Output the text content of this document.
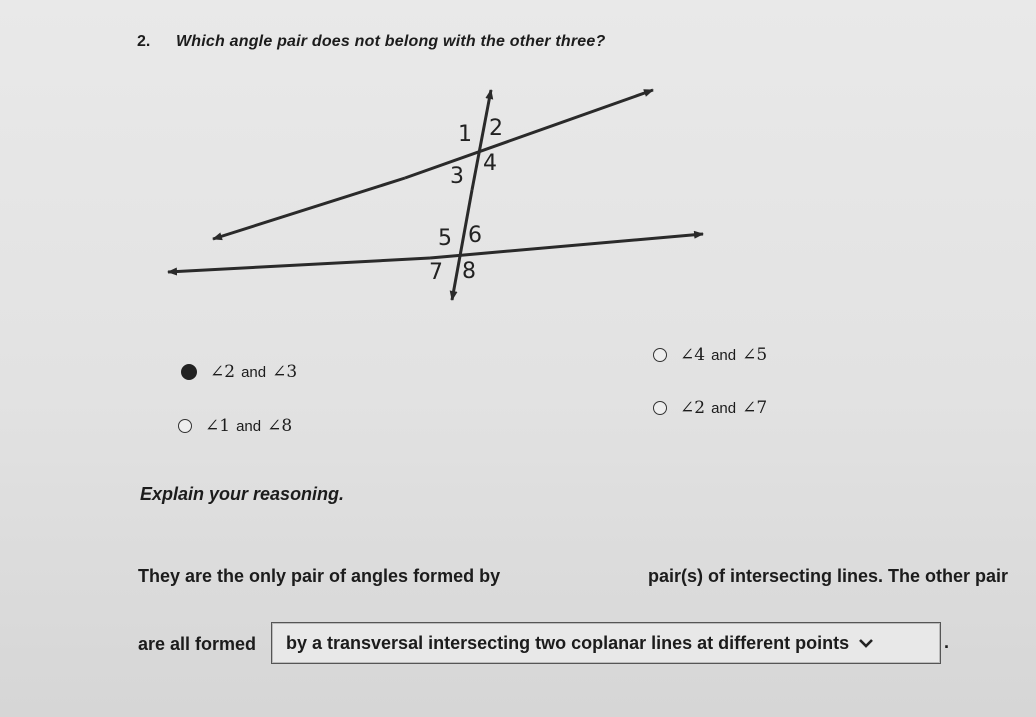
2. Which angle pair does not belong with the other three?
1 2
3
4
5 6
7 8
∠2 and ∠3
∠4 and ∠5
∠1 and ∠8
∠2 and ∠7
Explain your reasoning.
They are the only pair of angles formed by	pair(s) of intersecting lines. The other pair
are all formed by a transversal intersecting two coplanar lines at different points	.
